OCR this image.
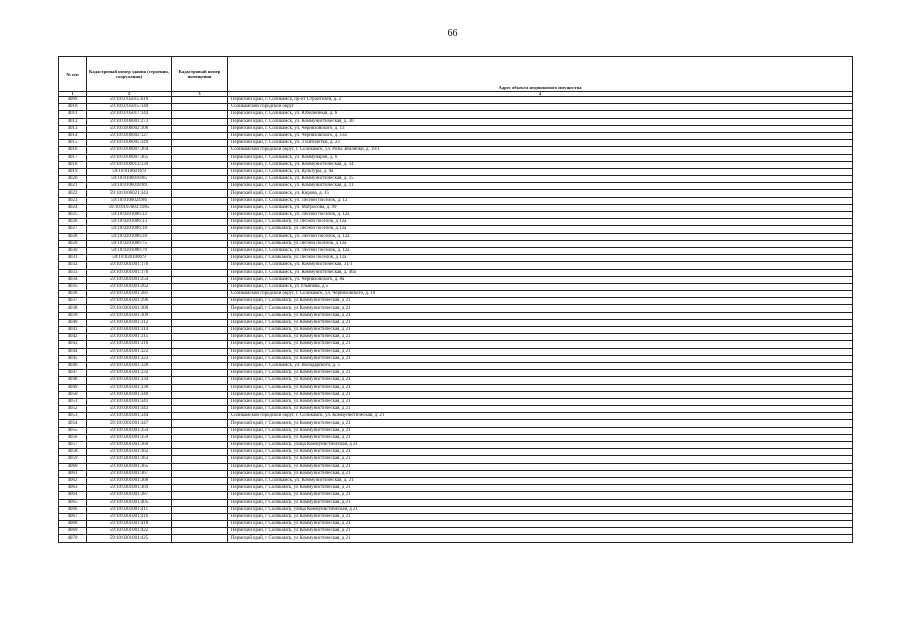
66
№ п/п	Кадастровый номер здания (строения, сооружения)	Кадастровый номер помещения	Адрес объекта недвижимого имущества
1	2	3	4
4009	59:10:0705015:610		Пермский край, г. Соликамск, пр-кт Строителей, д. 2
4010	59:10:0705015:140		Соликамский городской округ
4011	59:10:0705017:144		Пермский край, г. Соликамск, ул. Юбилейный, д. 6
4012	59:10:0106001:273		Пермский край, г. Соликамск, ул. Коммунистическая, д. 30
4013	59:10:0106002:106		Пермский край, г. Соликамск, ул. Черняховского, д. 13
4014	59:10:0106002:127		Пермский край, г. Соликамск, ул. Черняховского, д. 13а
4015	59:10:0106005:349		Пермский край, г. Соликамск, ул. 3 Пятилетки, д. 23
4016	59:10:0106007:264		Соликамский городской округ, г. Соликамск, ул. Розы Землячки, д. 19/1
4017	59:10:0106007:365		Пермский край, г. Соликамск, ул. Коммунаров, д. 6
4018	59:10:0106013:139		Пермский край, г. Соликамск, ул. Коммунистическая, д. 14
4019	59:10:0106016:9		Пермский край, г. Соликамск, ул. Культуры, д. 9а
4020	59:10:0106018:85		Пермский край, г. Соликамск, ул. Коммунистическая, д. 15
4021	59:10:0106018:89		Пермский край, г. Соликамск, ул. Коммунистическая, д. 11
4022	59:10:0106021:343		Пермский край, г. Соликамск, ул. Кирова, д. 15
4023	59:10:0106024:86		Пермский край, г. Соликамск, ул. Лесной поселок, д. 12
4024	59:10:0107003:1985		Пермский край, г. Соликамск, ул. Матросова, д. 99
4025	59:10:0201006:12		Пермский край, г. Соликамск, ул. Лесной поселок, д. 12а
4026	59:10:0201006:13		Пермский край, г Соликамск, ул Лесной поселок, д 12а
4027	59:10:0201006:18		Пермский край, г Соликамск, ул Лесной поселок, д 12а
4028	59:10:0201006:28		Пермский край, г. Соликамск, ул. Лесной поселок, д. 12а
4029	59:10:0201006:75		Пермский край, г Соликамск, ул Лесной поселок, д 12а
4030	59:10:0201006:79		Пермский край, г. Соликамск, ул. Лесной поселок, д. 12а
4031	59:10:0201006:9		Пермский край, г Соликамск, ул Лесной поселок, д 12а
4032	59:10:0301001:170		Пермский край, г. Соликамск, ул. Коммунистическая, 31/1
4033	59:10:0301001:176		Пермский край, г. Соликамск, ул. Коммунистическая, д. 46а
4034	59:10:0301001:254		Пермский край, г. Соликамск, ул. Черняховского, д. 8а
4035	59:10:0301001:262		Пермский край, г. Соликамск, ул Ульянова, д 5
4036	59:10:0301001:281		Соликамский городской округ, г. Соликамск, ул. Черняховского, д. 10
4037	59:10:0301001:296		Пермский край, г Соликамск, ул Коммунистическая, д 21
4038	59:10:0301001:300		Пермский край, г Соликамск, ул Коммунистическая, д 21
4039	59:10:0301001:309		Пермский край, г Соликамск, ул Коммунистическая, д 21
4040	59:10:0301001:312		Пермский край, г Соликамск, ул Коммунистическая, д 21
4041	59:10:0301001:314		Пермский край, г Соликамск, ул Коммунистическая, д 21
4042	59:10:0301001:315		Пермский край, г Соликамск, ул Коммунистическая, д 21
4043	59:10:0301001:316		Пермский край, г Соликамск, ул Коммунистическая, д 21
4044	59:10:0301001:322		Пермский край, г Соликамск, ул Коммунистическая, д 21
4045	59:10:0301001:323		Пермский край, г Соликамск, ул Коммунистическая, д 21
4046	59:10:0301001:328		Пермский край, г. Соликамск, ул. Володарского, д. 5
4047	59:10:0301001:332		Пермский край, г Соликамск, ул Коммунистическая, д 21
4048	59:10:0301001:334		Пермский край, г Соликамск, ул Коммунистическая, д 21
4049	59:10:0301001:338		Пермский край, г Соликамск, ул Коммунистическая, д 21
4050	59:10:0301001:340		Пермский край, г Соликамск, ул Коммунистическая, д 21
4051	59:10:0301001:341		Пермский край, г Соликамск, ул Коммунистическая, д 21
4052	59:10:0301001:343		Пермский край, г Соликамск, ул Коммунистическая, д 21
4053	59:10:0301001:344		Соликамский городской округ, г. Соликамск, ул. Коммунистическая, д. 21
4054	59:10:0301001:347		Пермский край, г Соликамск, ул Коммунистическая, д 21
4055	59:10:0301001:354		Пермский край, г Соликамск, ул Коммунистическая, д 21
4056	59:10:0301001:359		Пермский край, г Соликамск, ул Коммунистическая, д 21
4057	59:10:0301001:360		Пермский край, г Соликамск, улица Коммунистическая, д 21
4058	59:10:0301001:362		Пермский край, г Соликамск, ул Коммунистическая, д 21
4059	59:10:0301001:363		Пермский край, г Соликамск, ул Коммунистическая, д 21
4060	59:10:0301001:365		Пермский край, г Соликамск, ул Коммунистическая, д 21
4061	59:10:0301001:367		Пермский край, г Соликамск, ул Коммунистическая, д 21
4062	59:10:0301001:368		Пермский край, г. Соликамск, ул. Коммунистическая, д. 21
4063	59:10:0301001:369		Пермский край, г Соликамск, ул Коммунистическая, д 21
4064	59:10:0301001:387		Пермский край, г Соликамск, ул Коммунистическая, д 21
4065	59:10:0301001:405		Пермский край, г Соликамск, ул Коммунистическая, д 21
4066	59:10:0301001:411		Пермский край, г Соликамск, улица Коммунистическая, д 21
4067	59:10:0301001:416		Пермский край, г Соликамск, ул Коммунистическая, д 21
4068	59:10:0301001:418		Пермский край, г Соликамск, ул Коммунистическая, д 21
4069	59:10:0301001:422		Пермский край, г Соликамск, ул Коммунистическая, д 21
4070	59:10:0301001:425		Пермский край, г Соликамск, ул Коммунистическая, д 21
